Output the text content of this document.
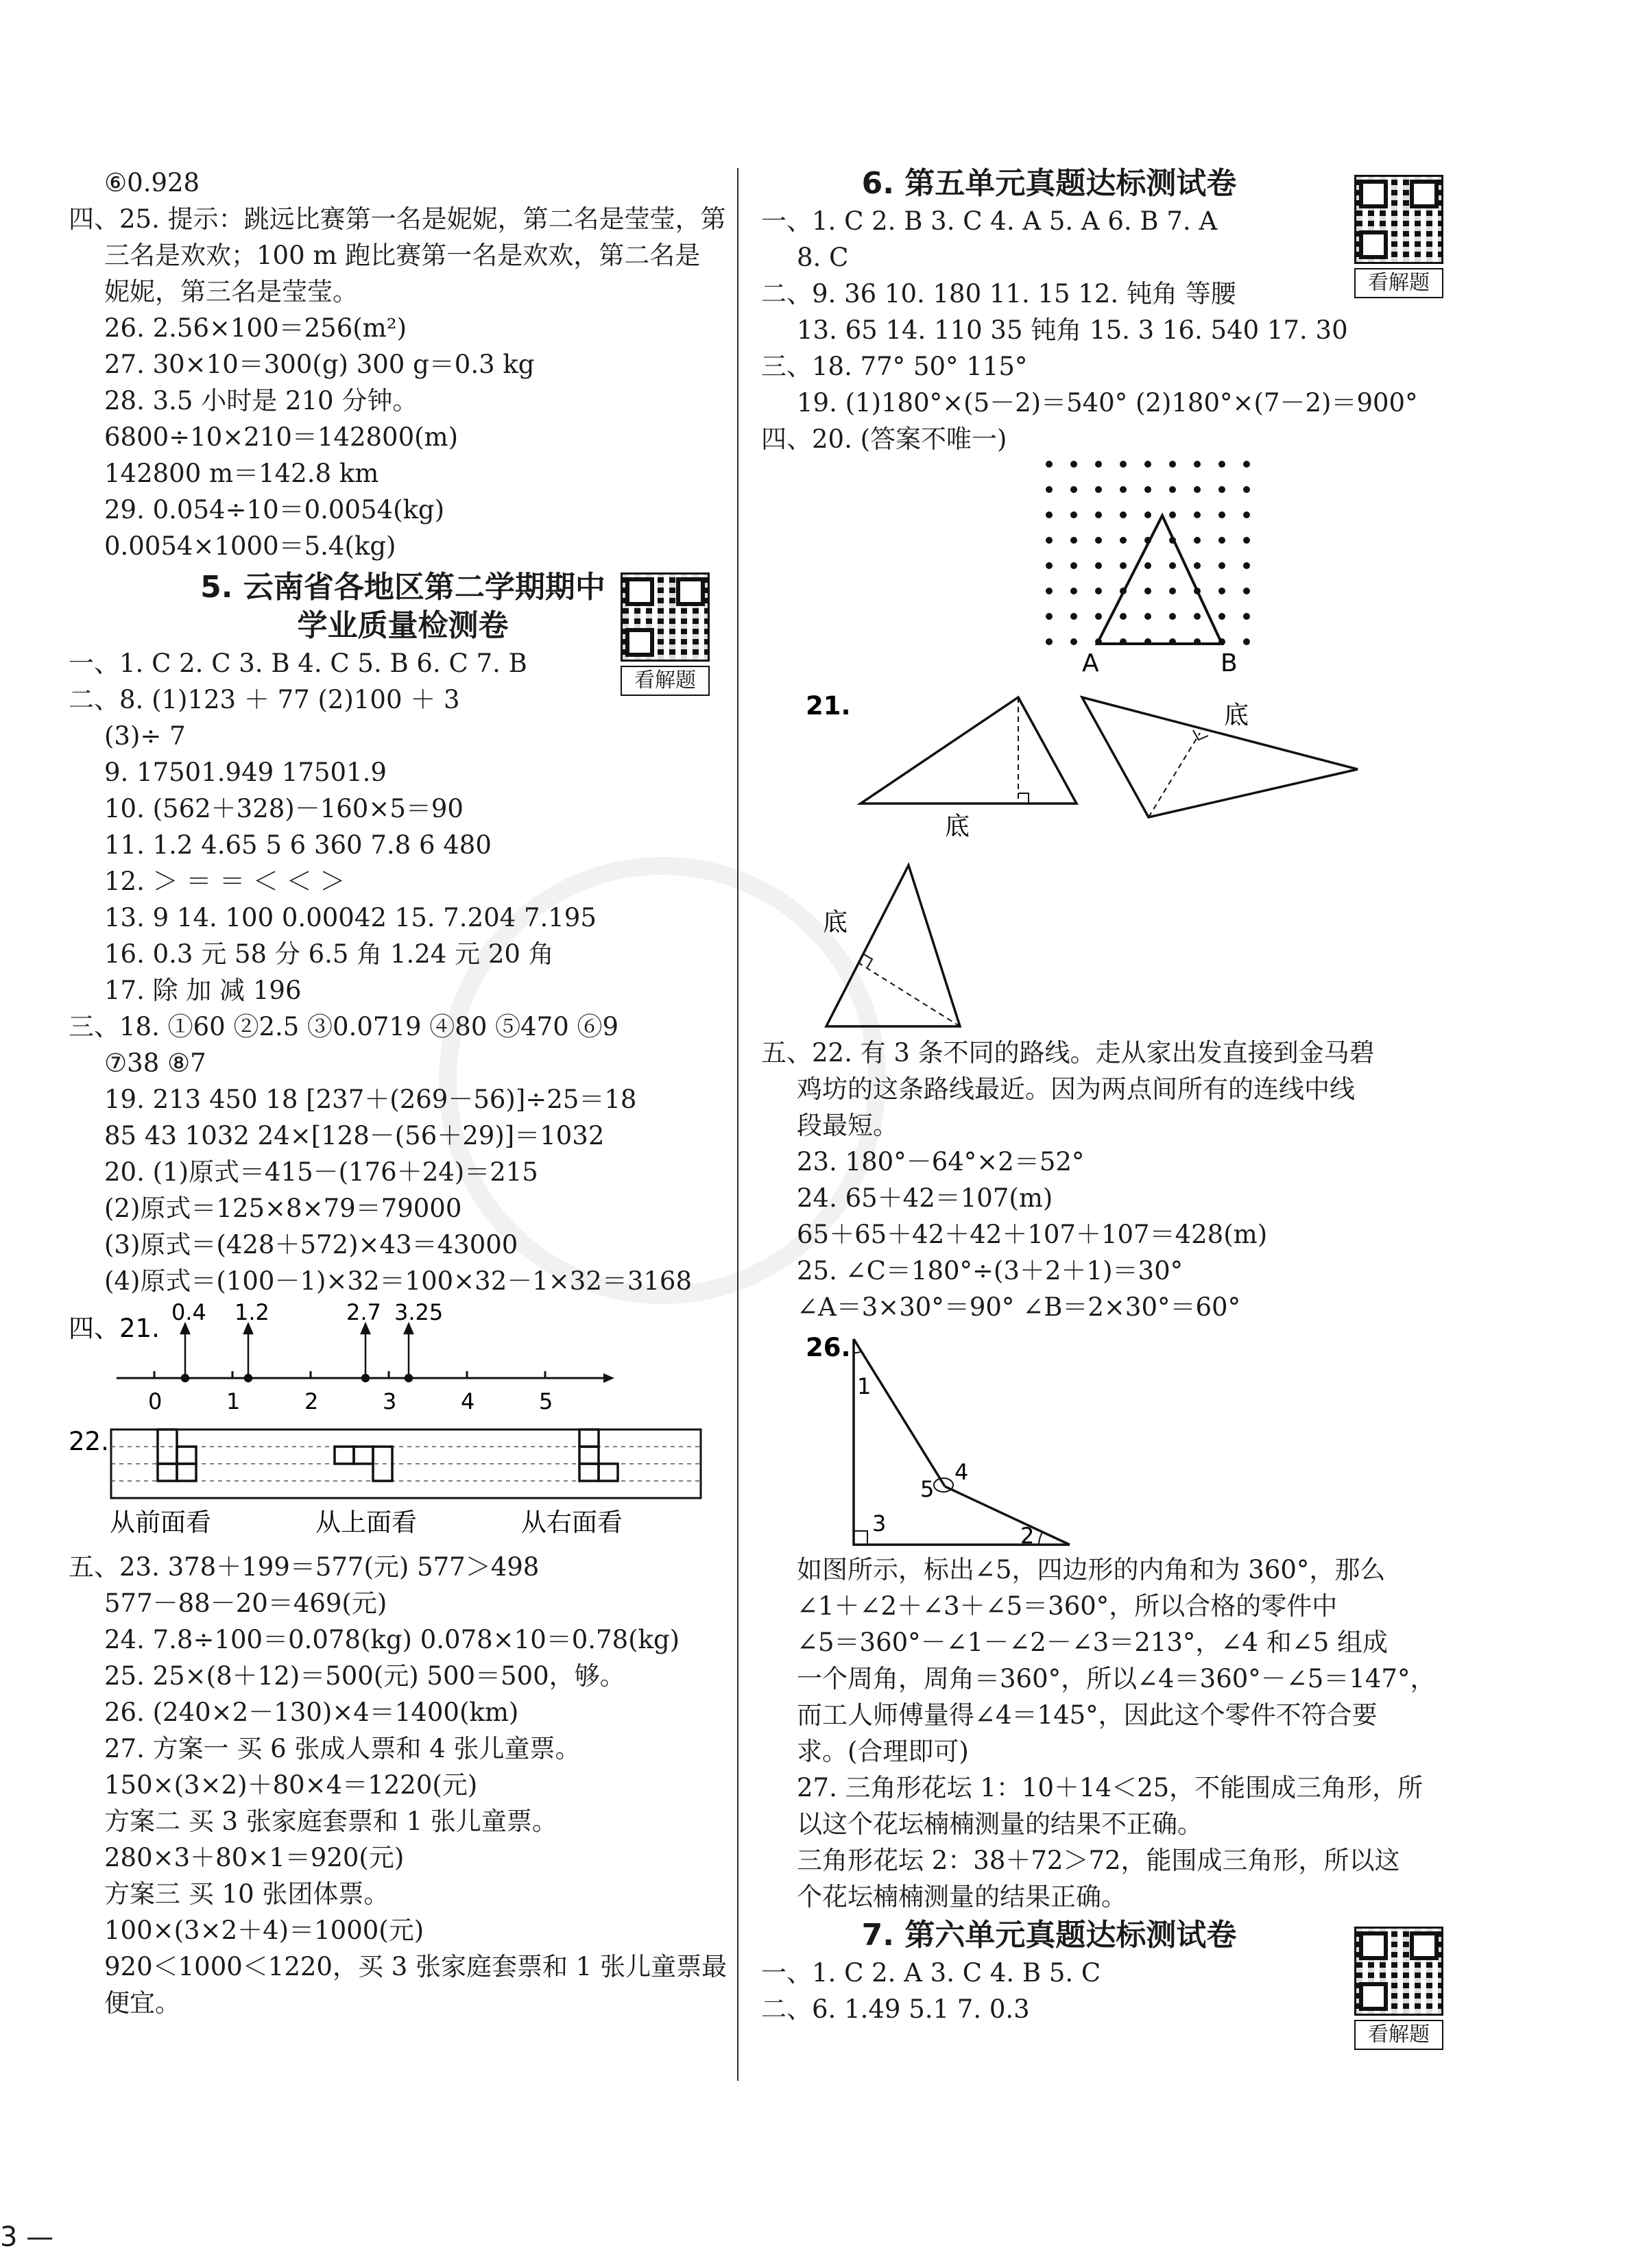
⑥0.928
四、25. 提示：跳远比赛第一名是妮妮，第二名是莹莹，第
三名是欢欢；100 m 跑比赛第一名是欢欢，第二名是
妮妮，第三名是莹莹。
26. 2.56×100＝256(m²)
27. 30×10＝300(g) 300 g＝0.3 kg
28. 3.5 小时是 210 分钟。
6800÷10×210＝142800(m)
142800 m＝142.8 km
29. 0.054÷10＝0.0054(kg)
0.0054×1000＝5.4(kg)
5. 云南省各地区第二学期期中
学业质量检测卷
一、1. C 2. C 3. B 4. C 5. B 6. C 7. B
二、8. (1)123 ＋ 77 (2)100 ＋ 3
(3)÷ 7
9. 17501.949 17501.9
10. (562＋328)－160×5＝90
11. 1.2 4.65 5 6 360 7.8 6 480
12. ＞ ＝ ＝ ＜ ＜ ＞
13. 9 14. 100 0.00042 15. 7.204 7.195
16. 0.3 元 58 分 6.5 角 1.24 元 20 角
17. 除 加 减 196
三、18. ①60 ②2.5 ③0.0719 ④80 ⑤470 ⑥9
⑦38 ⑧7
19. 213 450 18 [237＋(269－56)]÷25＝18
85 43 1032 24×[128－(56＋29)]＝1032
20. (1)原式＝415－(176＋24)＝215
(2)原式＝125×8×79＝79000
(3)原式＝(428＋572)×43＝43000
(4)原式＝(100－1)×32＝100×32－1×32＝3168
四、21.
0.4 1.2	2.7 3.25
0	1	2	3	4	5
22.
从前面看	从上面看	从右面看
五、23. 378＋199＝577(元) 577＞498
577－88－20＝469(元)
24. 7.8÷100＝0.078(kg) 0.078×10＝0.78(kg)
25. 25×(8＋12)＝500(元) 500＝500，够。
26. (240×2－130)×4＝1400(km)
27. 方案一 买 6 张成人票和 4 张儿童票。
150×(3×2)＋80×4＝1220(元)
方案二 买 3 张家庭套票和 1 张儿童票。
280×3＋80×1＝920(元)
方案三 买 10 张团体票。
100×(3×2＋4)＝1000(元)
920＜1000＜1220，买 3 张家庭套票和 1 张儿童票最
便宜。
看解题
看解题
看解题
6. 第五单元真题达标测试卷
一、1. C 2. B 3. C 4. A 5. A 6. B 7. A
8. C
二、9. 36 10. 180 11. 15 12. 钝角 等腰
13. 65 14. 110 35 钝角 15. 3 16. 540 17. 30
三、18. 77° 50° 115°
19. (1)180°×(5－2)＝540° (2)180°×(7－2)＝900°
四、20. (答案不唯一)
A	B
21.
底
底
底
五、22. 有 3 条不同的路线。走从家出发直接到金马碧
鸡坊的这条路线最近。因为两点间所有的连线中线
段最短。
23. 180°－64°×2＝52°
24. 65＋42＝107(m)
65＋65＋42＋42＋107＋107＝428(m)
25. ∠C＝180°÷(3＋2＋1)＝30°
∠A＝3×30°＝90° ∠B＝2×30°＝60°
26.
1
2
3
4
5
如图所示，标出∠5，四边形的内角和为 360°，那么
∠1＋∠2＋∠3＋∠5＝360°，所以合格的零件中
∠5＝360°－∠1－∠2－∠3＝213°，∠4 和∠5 组成
一个周角，周角＝360°，所以∠4＝360°－∠5＝147°，
而工人师傅量得∠4＝145°，因此这个零件不符合要
求。(合理即可)
27. 三角形花坛 1：10＋14＜25，不能围成三角形，所
以这个花坛楠楠测量的结果不正确。
三角形花坛 2：38＋72＞72，能围成三角形，所以这
个花坛楠楠测量的结果正确。
7. 第六单元真题达标测试卷
一、1. C 2. A 3. C 4. B 5. C
二、6. 1.49 5.1 7. 0.3
3 —
